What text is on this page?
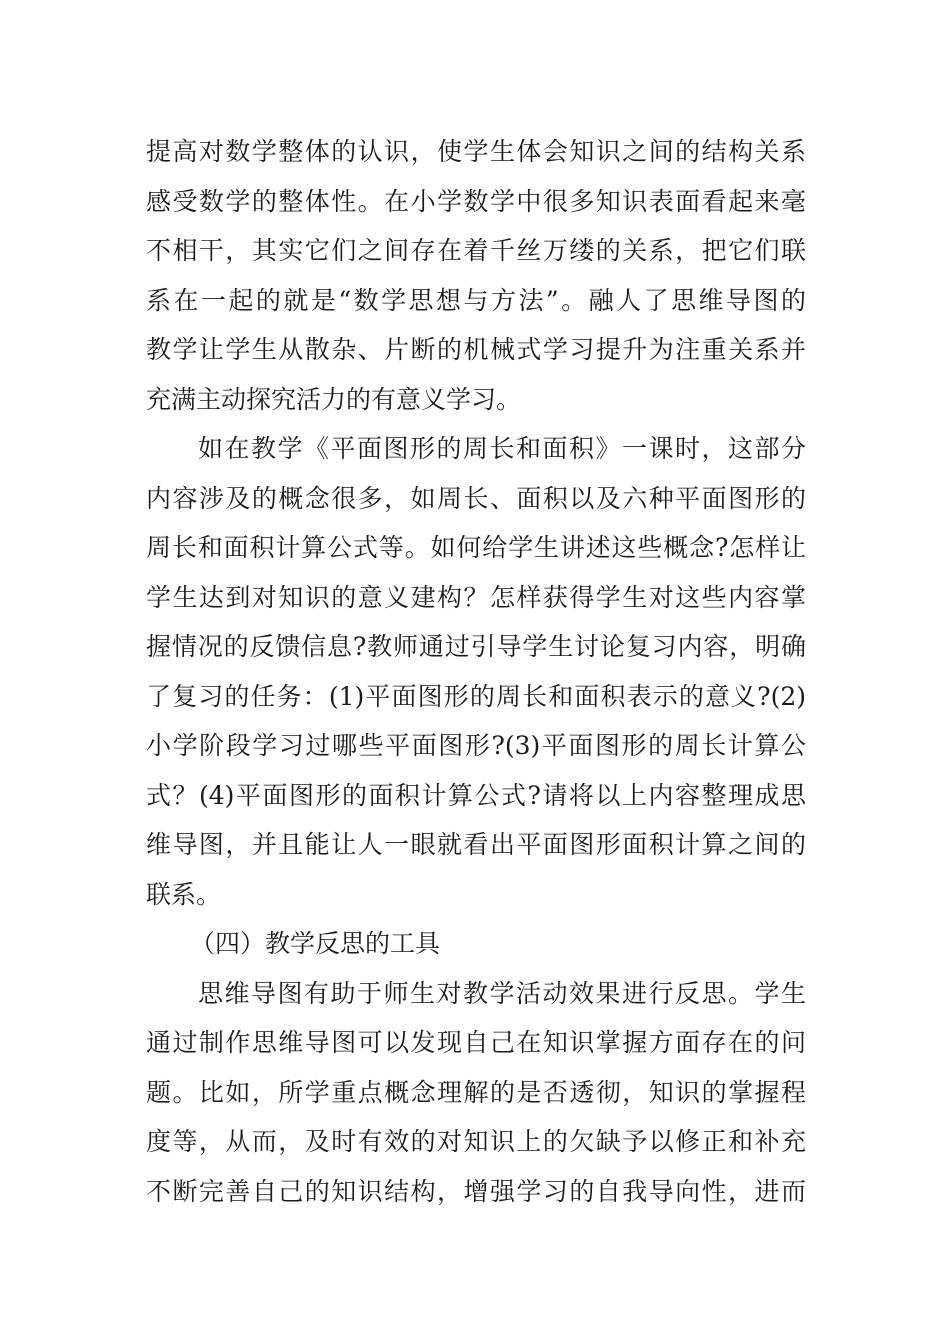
提高对数学整体的认识，使学生体会知识之间的结构关系
感受数学的整体性。在小学数学中很多知识表面看起来毫
不相干，其实它们之间存在着千丝万缕的关系，把它们联
系在一起的就是“数学思想与方法”。融人了思维导图的
教学让学生从散杂、片断的机械式学习提升为注重关系并
充满主动探究活力的有意义学习。
如在教学《平面图形的周长和面积》一课时，这部分
内容涉及的概念很多，如周长、面积以及六种平面图形的
周长和面积计算公式等。如何给学生讲述这些概念?怎样让
学生达到对知识的意义建构？怎样获得学生对这些内容掌
握情况的反馈信息?教师通过引导学生讨论复习内容，明确
了复习的任务：(1)平面图形的周长和面积表示的意义?(2)
小学阶段学习过哪些平面图形?(3)平面图形的周长计算公
式？(4)平面图形的面积计算公式?请将以上内容整理成思
维导图，并且能让人一眼就看出平面图形面积计算之间的
联系。
（四）教学反思的工具
思维导图有助于师生对教学活动效果进行反思。学生
通过制作思维导图可以发现自己在知识掌握方面存在的问
题。比如，所学重点概念理解的是否透彻，知识的掌握程
度等，从而，及时有效的对知识上的欠缺予以修正和补充
不断完善自己的知识结构，增强学习的自我导向性，进而
